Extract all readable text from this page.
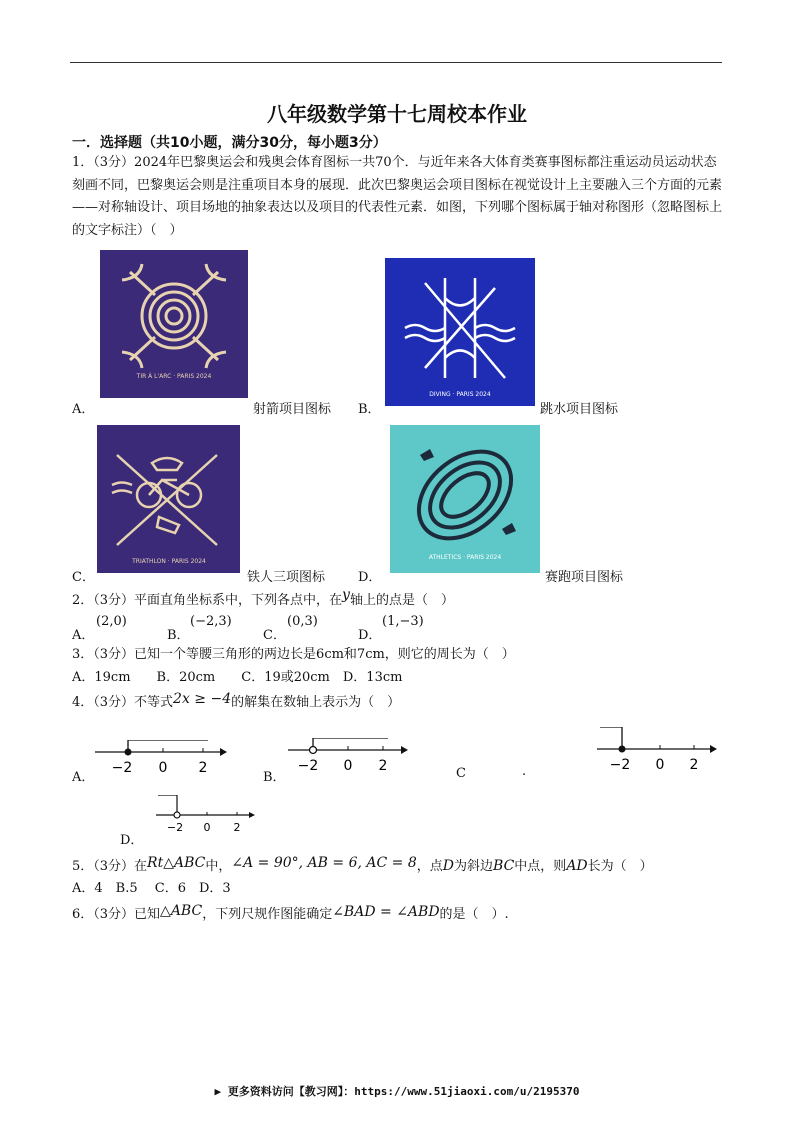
八年级数学第十七周校本作业
一．选择题（共10小题，满分30分，每小题3分）
1．（3分）2024年巴黎奥运会和残奥会体育图标一共70个．与近年来各大体育类赛事图标都注重运动员运动状态刻画不同，巴黎奥运会则是注重项目本身的展现．此次巴黎奥运会项目图标在视觉设计上主要融入三个方面的元素——对称轴设计、项目场地的抽象表达以及项目的代表性元素．如图，下列哪个图标属于轴对称图形（忽略图标上的文字标注）（　）
A．
TIR À L'ARC · PARIS 2024
射箭项目图标 B．
DIVING · PARIS 2024
跳水项目图标
C．
TRIATHLON · PARIS 2024
铁人三项图标	D．
ATHLETICS · PARIS 2024
赛跑项目图标
2．（3分）平面直角坐标系中，下列各点中，在y轴上的点是（　）
A．
(2,0)
B．
(−2,3)
C．
(0,3)
D．
(1,−3)
3．（3分）已知一个等腰三角形的两边长是6cm和7cm，则它的周长为（　）
A．19cm　　B．20cm　　C．19或20cm　D．13cm
4．（3分）不等式2x ≥ −4的解集在数轴上表示为（　）
A．
−2 0 2
B．
−2 0 2	C	.	−2 0 2
−2 0 2
D．
5．（3分）在Rt△ABC中，∠A = 90°, AB = 6, AC = 8，点D为斜边BC中点，则AD长为（　）
A．4　B.5　 C．6　D．3
6．（3分）已知△ABC，下列尺规作图能确定∠BAD = ∠ABD的是（　）.
▶ 更多资料访问【教习网】：https://www.51jiaoxi.com/u/2195370
